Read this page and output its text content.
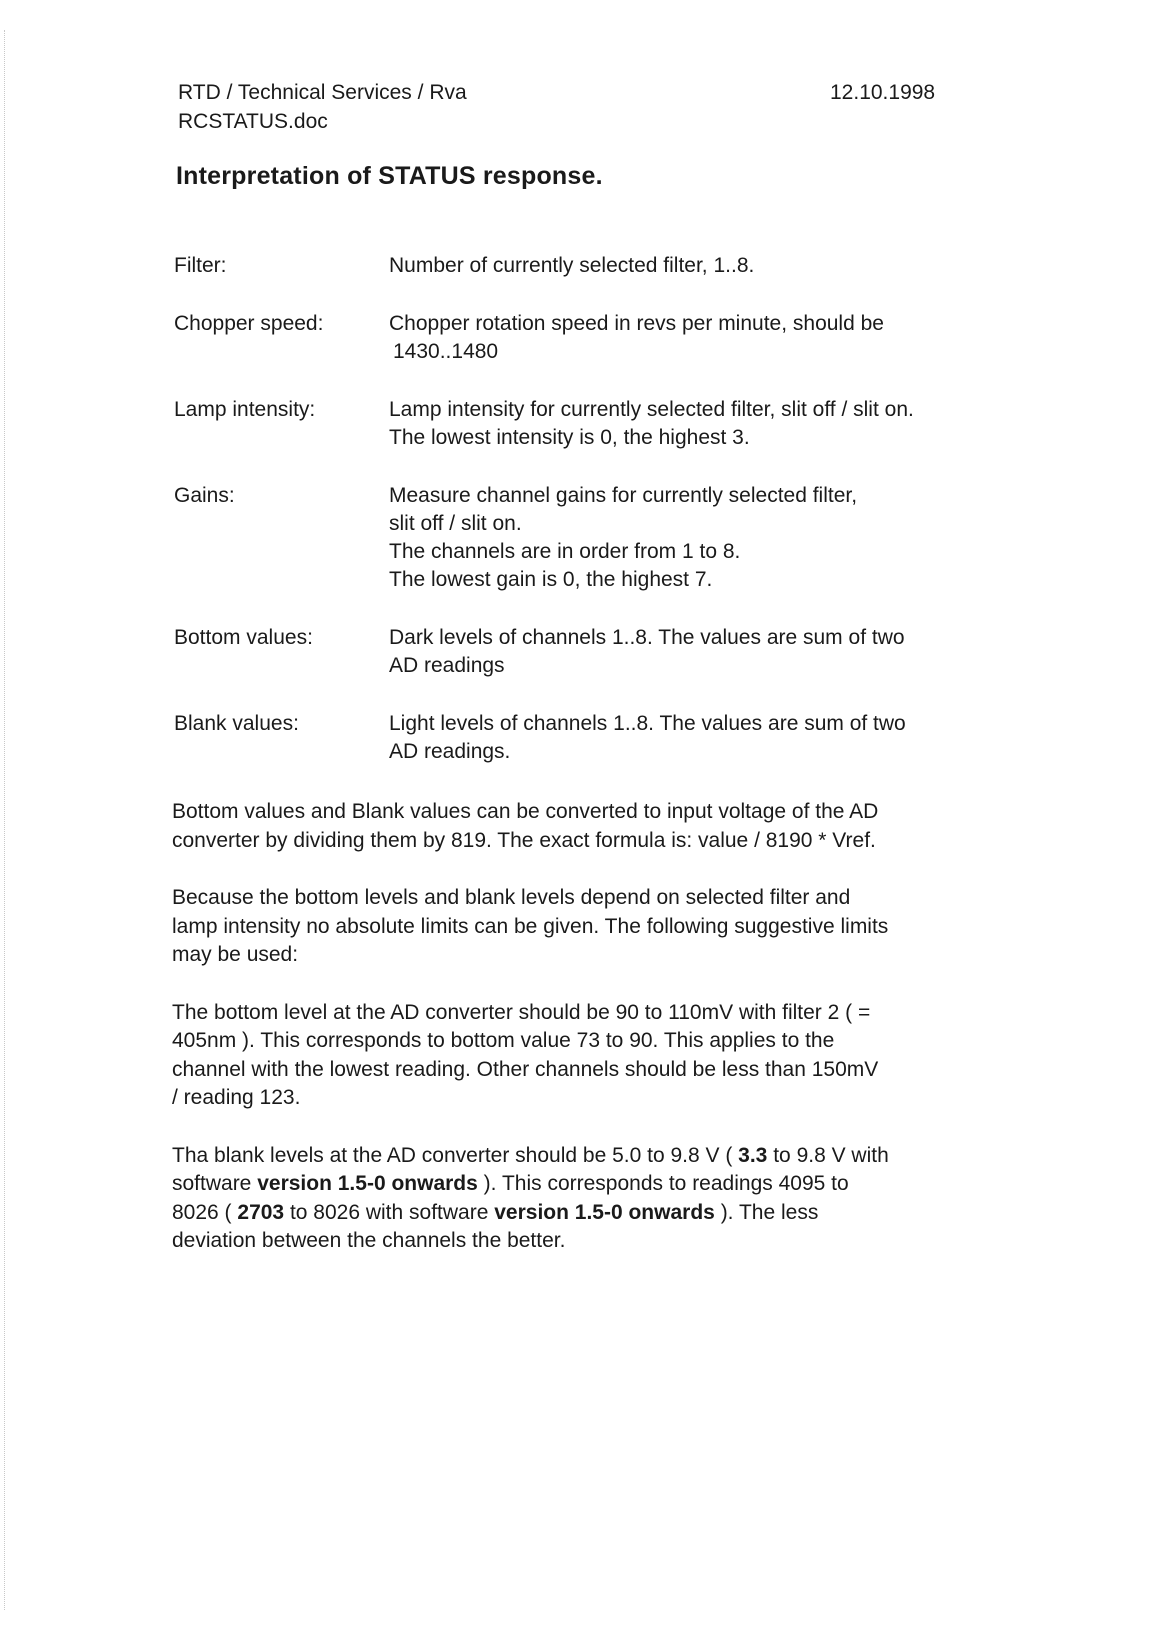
RTD / Technical Services / Rva
RCSTATUS.doc
12.10.1998
Interpretation of STATUS response.
Filter:	Number of currently selected filter, 1..8.
Chopper speed:	Chopper rotation speed in revs per minute, should be
1430..1480
Lamp intensity:	Lamp intensity for currently selected filter, slit off / slit on.
The lowest intensity is 0, the highest 3.
Gains:	Measure channel gains for currently selected filter,
slit off / slit on.
The channels are in order from 1 to 8.
The lowest gain is 0, the highest 7.
Bottom values:	Dark levels of channels 1..8. The values are sum of two
AD readings
Blank values:	Light levels of channels 1..8. The values are sum of two
AD readings.
Bottom values and Blank values can be converted to input voltage of the AD
converter by dividing them by 819. The exact formula is: value / 8190 * Vref.
Because the bottom levels and blank levels depend on selected filter and
lamp intensity no absolute limits can be given. The following suggestive limits
may be used:
The bottom level at the AD converter should be 90 to 110mV with filter 2 ( =
405nm ). This corresponds to bottom value 73 to 90. This applies to the
channel with the lowest reading. Other channels should be less than 150mV
/ reading 123.
Tha blank levels at the AD converter should be 5.0 to 9.8 V ( 3.3 to 9.8 V with
software version 1.5-0 onwards ). This corresponds to readings 4095 to
8026 ( 2703 to 8026 with software version 1.5-0 onwards ). The less
deviation between the channels the better.
